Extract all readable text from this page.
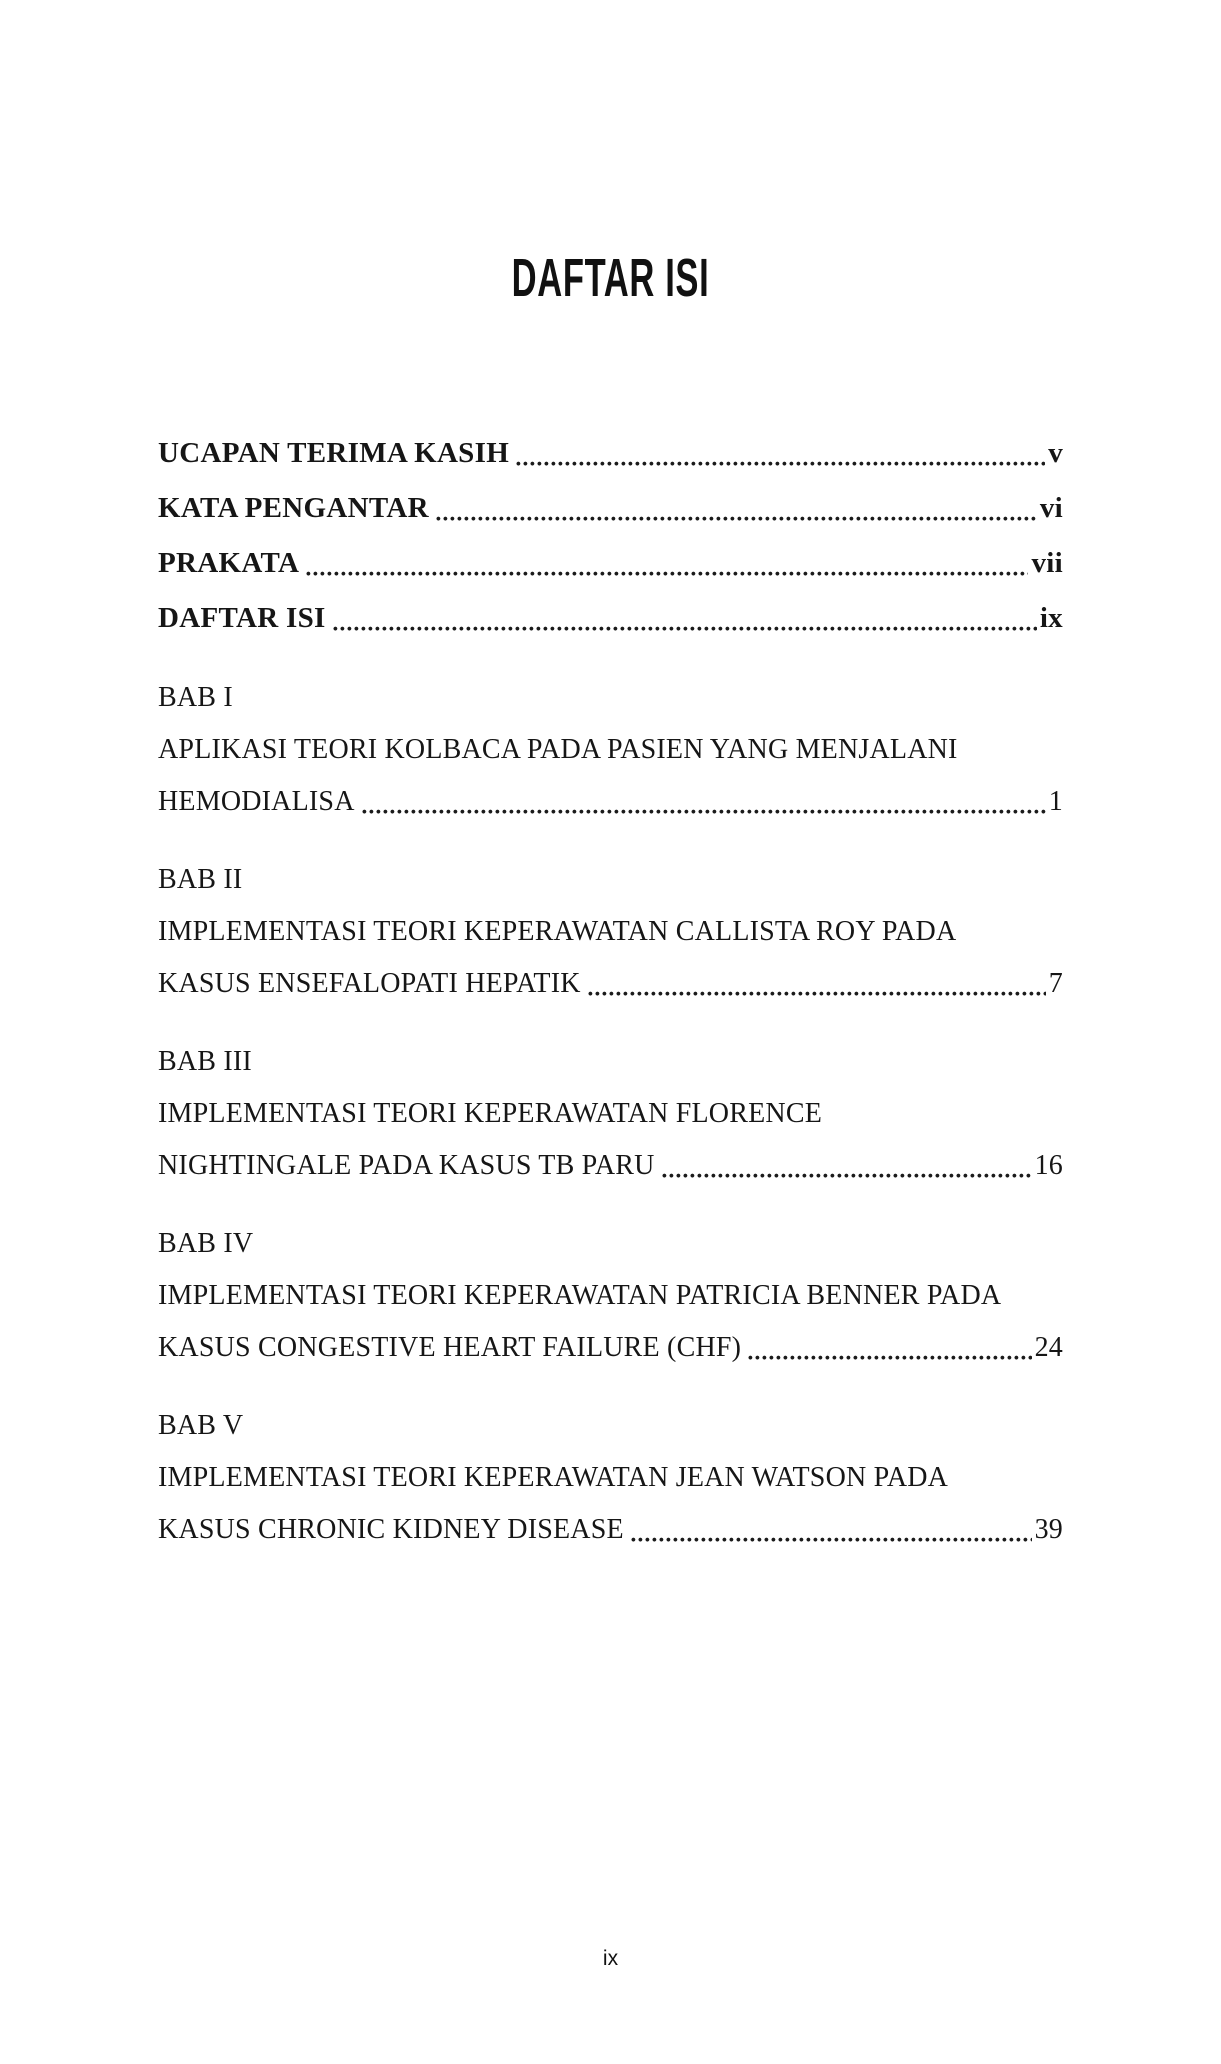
DAFTAR ISI
UCAPAN TERIMA KASIH	v
KATA PENGANTAR	vi
PRAKATA	vii
DAFTAR ISI	ix
BAB I
APLIKASI TEORI KOLBACA PADA PASIEN YANG MENJALANI
HEMODIALISA	1
BAB II
IMPLEMENTASI TEORI KEPERAWATAN CALLISTA ROY PADA
KASUS ENSEFALOPATI HEPATIK	7
BAB III
IMPLEMENTASI TEORI KEPERAWATAN FLORENCE
NIGHTINGALE PADA KASUS TB PARU	16
BAB IV
IMPLEMENTASI TEORI KEPERAWATAN PATRICIA BENNER PADA
KASUS CONGESTIVE HEART FAILURE (CHF)	24
BAB V
IMPLEMENTASI TEORI KEPERAWATAN JEAN WATSON PADA
KASUS CHRONIC KIDNEY DISEASE	39
ix
